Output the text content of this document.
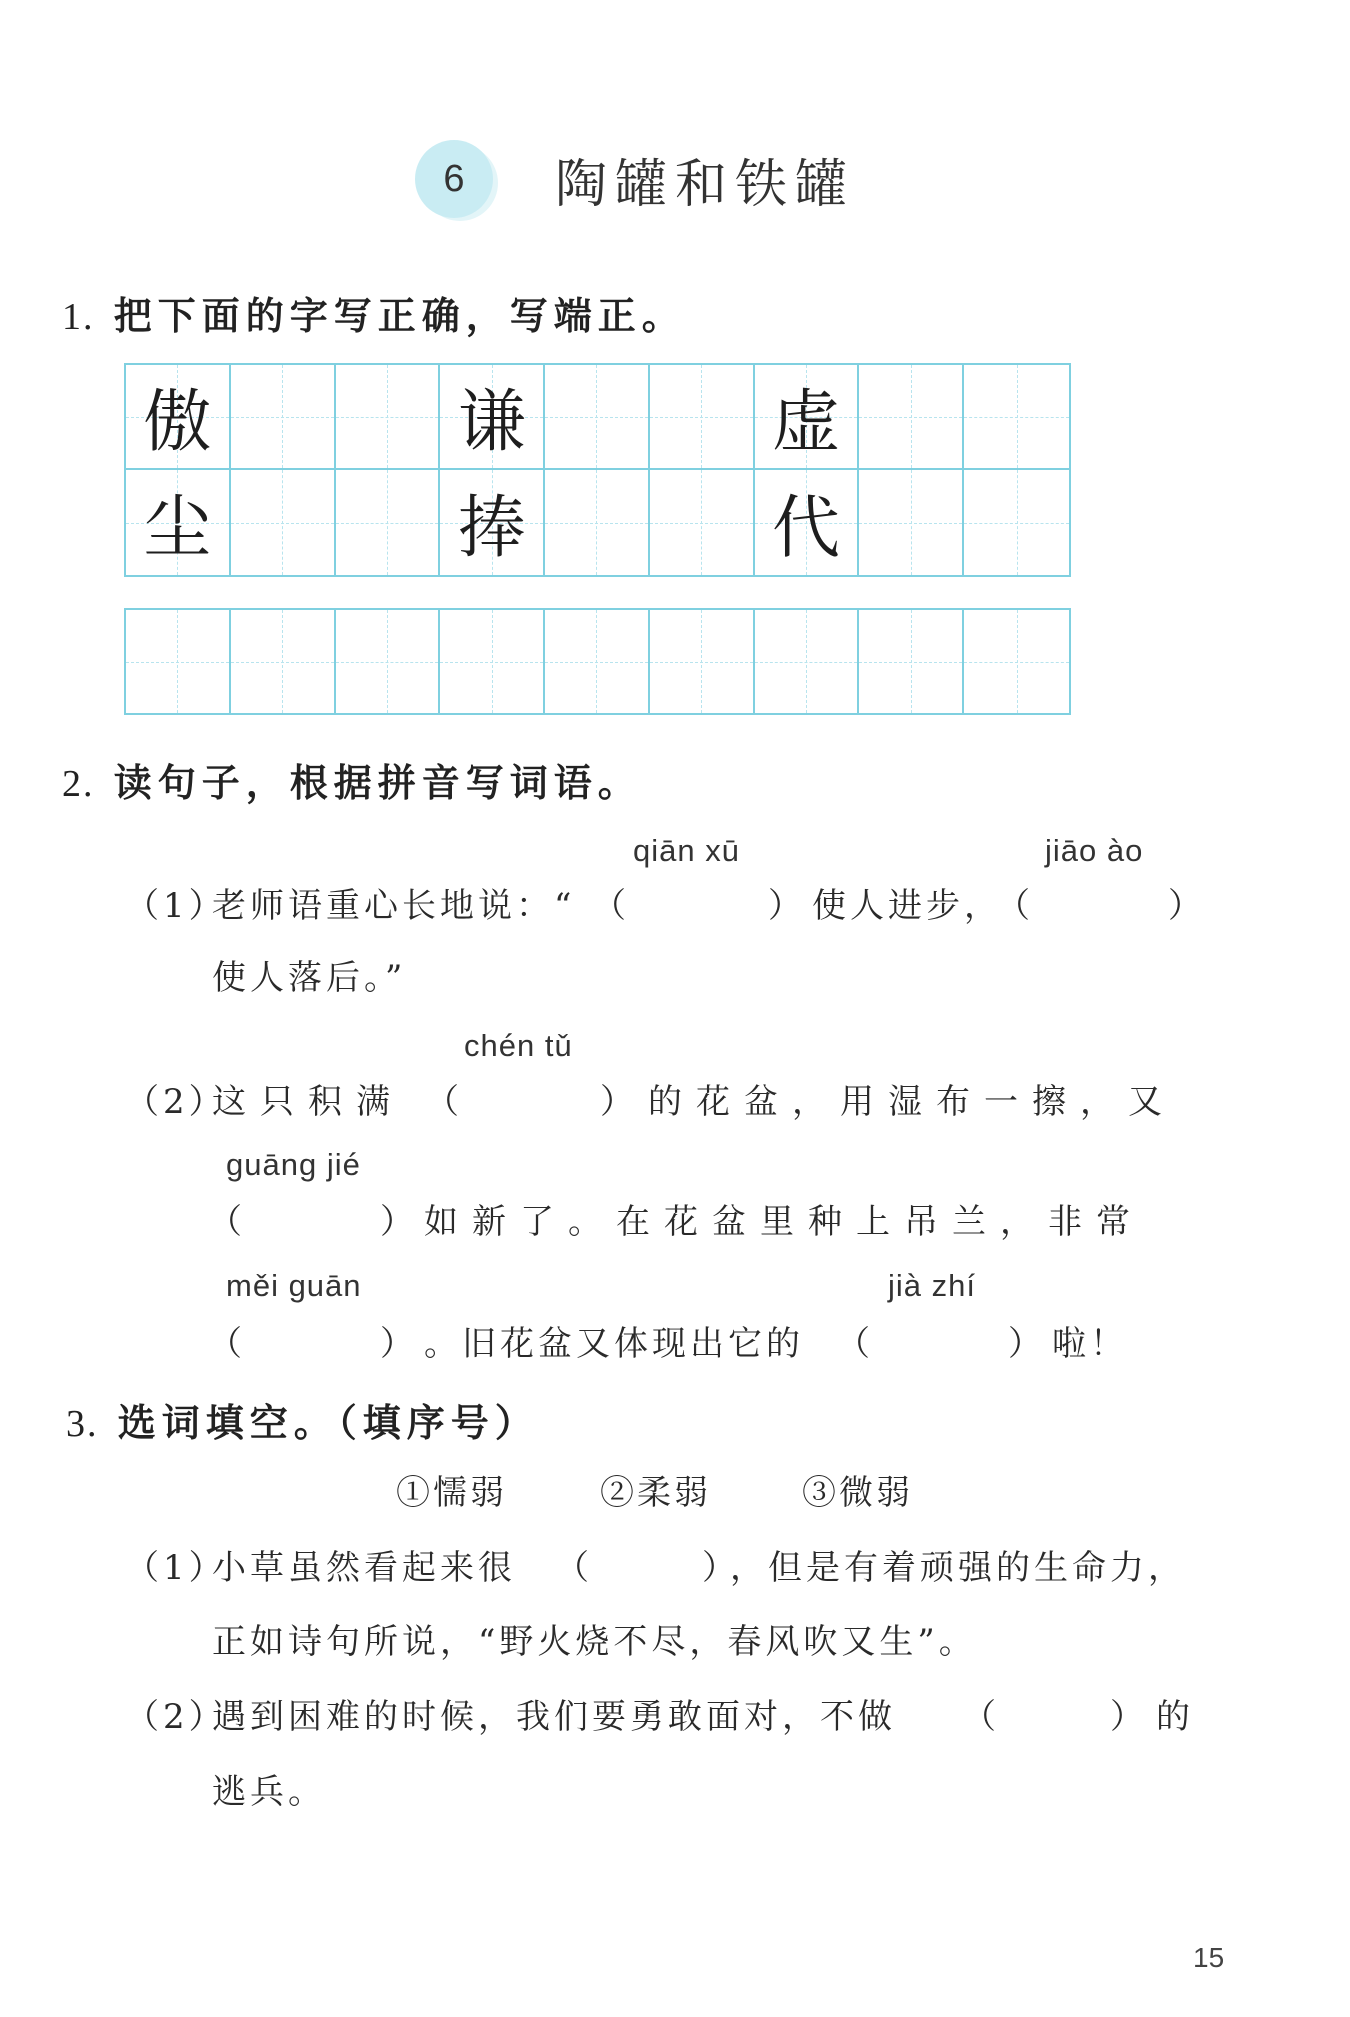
6 陶罐和铁罐
1. 把下面的字写正确，写端正。
傲	谦	虚
尘	捧	代
2. 读句子，根据拼音写词语。
qiān xū	jiāo ào
（1）
老师语重心长地说：“ （	） 使人进步，
（	）
使人落后。”
chén tǔ
（2）
这只积满 （	） 的花盆，用湿布一擦，又
guāng jié
（	） 如新了。在花盆里种上吊兰，非常
měi guān	jià zhí
（	） 。旧花盆又体现出它的 （	） 啦！
3. 选词填空。（填序号）
①懦弱	②柔弱	③微弱
（1）
小草虽然看起来很 （	）
，但是有着顽强的生命力，
正如诗句所说，“野火烧不尽，春风吹又生”。
（2）
遇到困难的时候，我们要勇敢面对，不做 （	） 的
逃兵。
15
